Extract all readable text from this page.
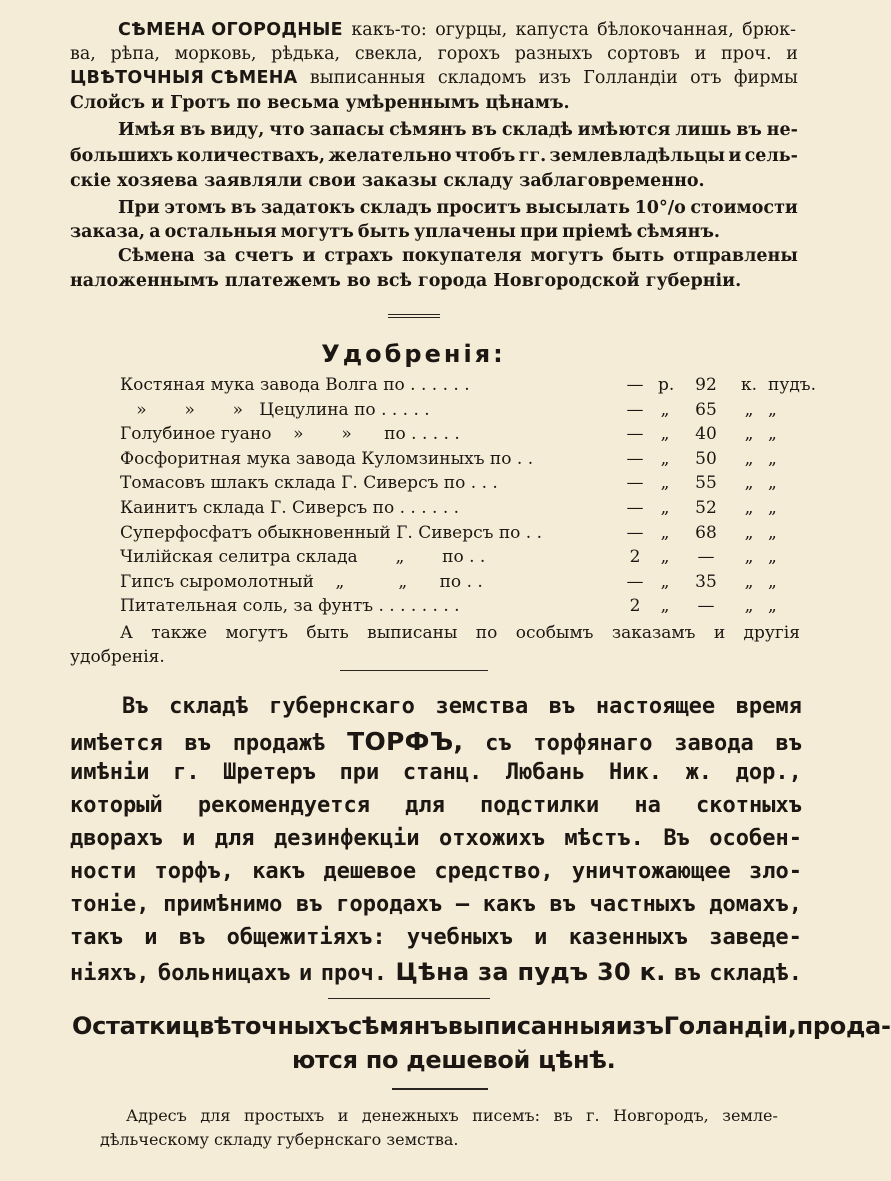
СѢМЕНА ОГОРОДНЫЕ какъ-то: огурцы, капуста бѣлокочанная, брюк-
ва, рѣпа, морковь, рѣдька, свекла, горохъ разныхъ сортовъ и проч. и
ЦВѢТОЧНЫЯ СѢМЕНА выписанныя складомъ изъ Голландіи отъ фирмы
Слойсъ и Гротъ по весьма умѣреннымъ цѣнамъ.
Имѣя въ виду, что запасы сѣмянъ въ складѣ имѣются лишь въ не-
большихъ количествахъ, желательно чтобъ гг. землевладѣльцы и сель-
скіе хозяева заявляли свои заказы складу заблаговременно.
При этомъ въ задатокъ складъ проситъ высылать 10°/о стоимости
заказа, а остальныя могутъ быть уплачены при пріемѣ сѣмянъ.
Сѣмена за счетъ и страхъ покупателя могутъ быть отправлены
наложеннымъ платежемъ во всѣ города Новгородской губерніи.
Удобренія:
Костяная мука завода Волга по . . . . . .	— р.	92	к. пудъ.
»       »       »   Цецулина по . . . . .	—	„	65	„ „
Голубиное гуано    »       »      по . . . . .	—	„	40	„ „
Фосфоритная мука завода Куломзиныхъ по . .	—	„	50	„ „
Томасовъ шлакъ склада Г. Сиверсъ по . . .	—	„	55	„ „
Каинитъ склада Г. Сиверсъ по . . . . . .	—	„	52	„ „
Суперфосфатъ обыкновенный Г. Сиверсъ по . .	—	„	68	„ „
Чилійская селитра склада       „       по . .	2	„	—	„ „
Гипсъ сыромолотный    „          „      по . .	—	„	35	„ „
Питательная соль, за фунтъ . . . . . . . .	2	„	—	„ „
А также могутъ быть выписаны по особымъ заказамъ и другія
удобренія.
Въ складѣ губернскаго земства въ настоящее время
имѣется въ продажѣ ТОРФЪ, съ торфянаго завода въ
имѣніи г. Шретеръ при станц. Любань Ник. ж. дор.,
который рекомендуется для подстилки на скотныхъ
дворахъ и для дезинфекціи отхожихъ мѣстъ. Въ особен-
ности торфъ, какъ дешевое средство, уничтожающее зло-
тоніе, примѣнимо въ городахъ — какъ въ частныхъ домахъ,
такъ и въ общежитіяхъ: учебныхъ и казенныхъ заведе-
ніяхъ, больницахъ и проч. Цѣна за пудъ 30 к. въ складѣ.
Остатки цвѣточныхъ сѣмянъ выписанныя изъ Голандіи, прода-
ются по дешевой цѣнѣ.
Адресъ для простыхъ и денежныхъ писемъ: въ г. Новгородъ, земле-
дѣльческому складу губернскаго земства.
